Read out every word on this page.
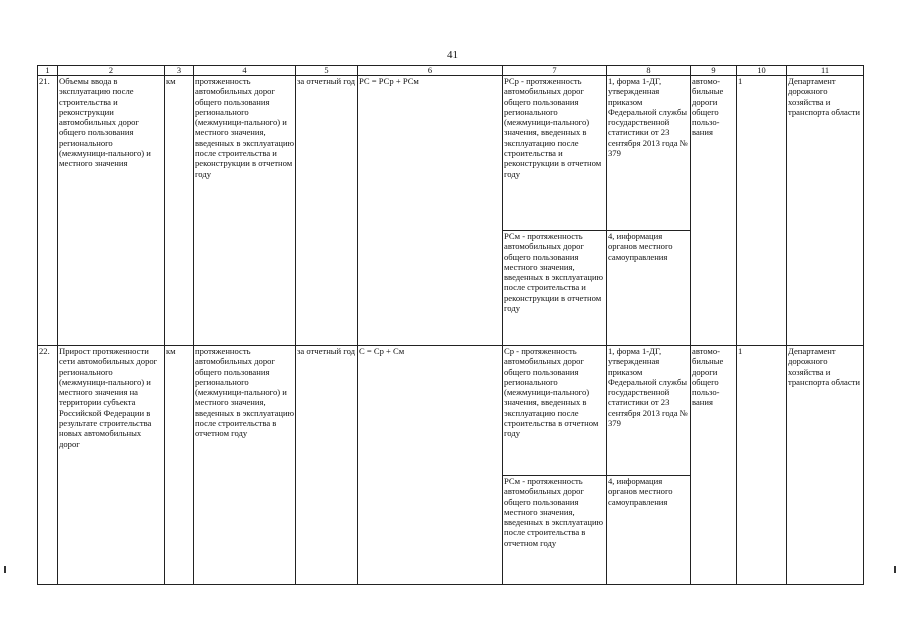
41
1	2	3	4	5	6	7	8	9	10	11
21.	Объемы ввода в эксплуатацию после строительства и реконструкции автомобильных дорог общего пользования регионального (межмуници-пального) и местного значения	км	протяженность автомобильных дорог общего пользования регионального (межмуници-пального) и местного значения, введенных в эксплуатацию после строительства и реконструкции в отчетном году	за отчетный год	РС = РСр + РСм	РСр - протяженность автомобильных дорог общего пользования регионального (межмуници-пального) значения, введенных в эксплуатацию после строительства и реконструкции в отчетном году	1, форма 1-ДГ, утвержденная приказом Федеральной службы государственной статистики от 23 сентября 2013 года № 379	автомо-бильные дороги общего пользо-вания	1	Департамент дорожного хозяйства и транспорта области
						РСм - протяженность автомобильных дорог общего пользования местного значения, введенных в эксплуатацию после строительства и реконструкции в отчетном году	4, информация органов местного самоуправления			
22.	Прирост протяженности сети автомобильных дорог регионального (межмуници-пального) и местного значения на территории субъекта Российской Федерации в результате строительства новых автомобильных дорог	км	протяженность автомобильных дорог общего пользования регионального (межмуници-пального) и местного значения, введенных в эксплуатацию после строительства в отчетном году	за отчетный год	С = Ср + См	Ср - протяженность автомобильных дорог общего пользования регионального (межмуници-пального) значения, введенных в эксплуатацию после строительства в отчетном году	1, форма 1-ДГ, утвержденная приказом Федеральной службы государственной статистики от 23 сентября 2013 года № 379	автомо-бильные дороги общего пользо-вания	1	Департамент дорожного хозяйства и транспорта области
						РСм - протяженность автомобильных дорог общего пользования местного значения, введенных в эксплуатацию после строительства в отчетном году	4, информация органов местного самоуправления			
